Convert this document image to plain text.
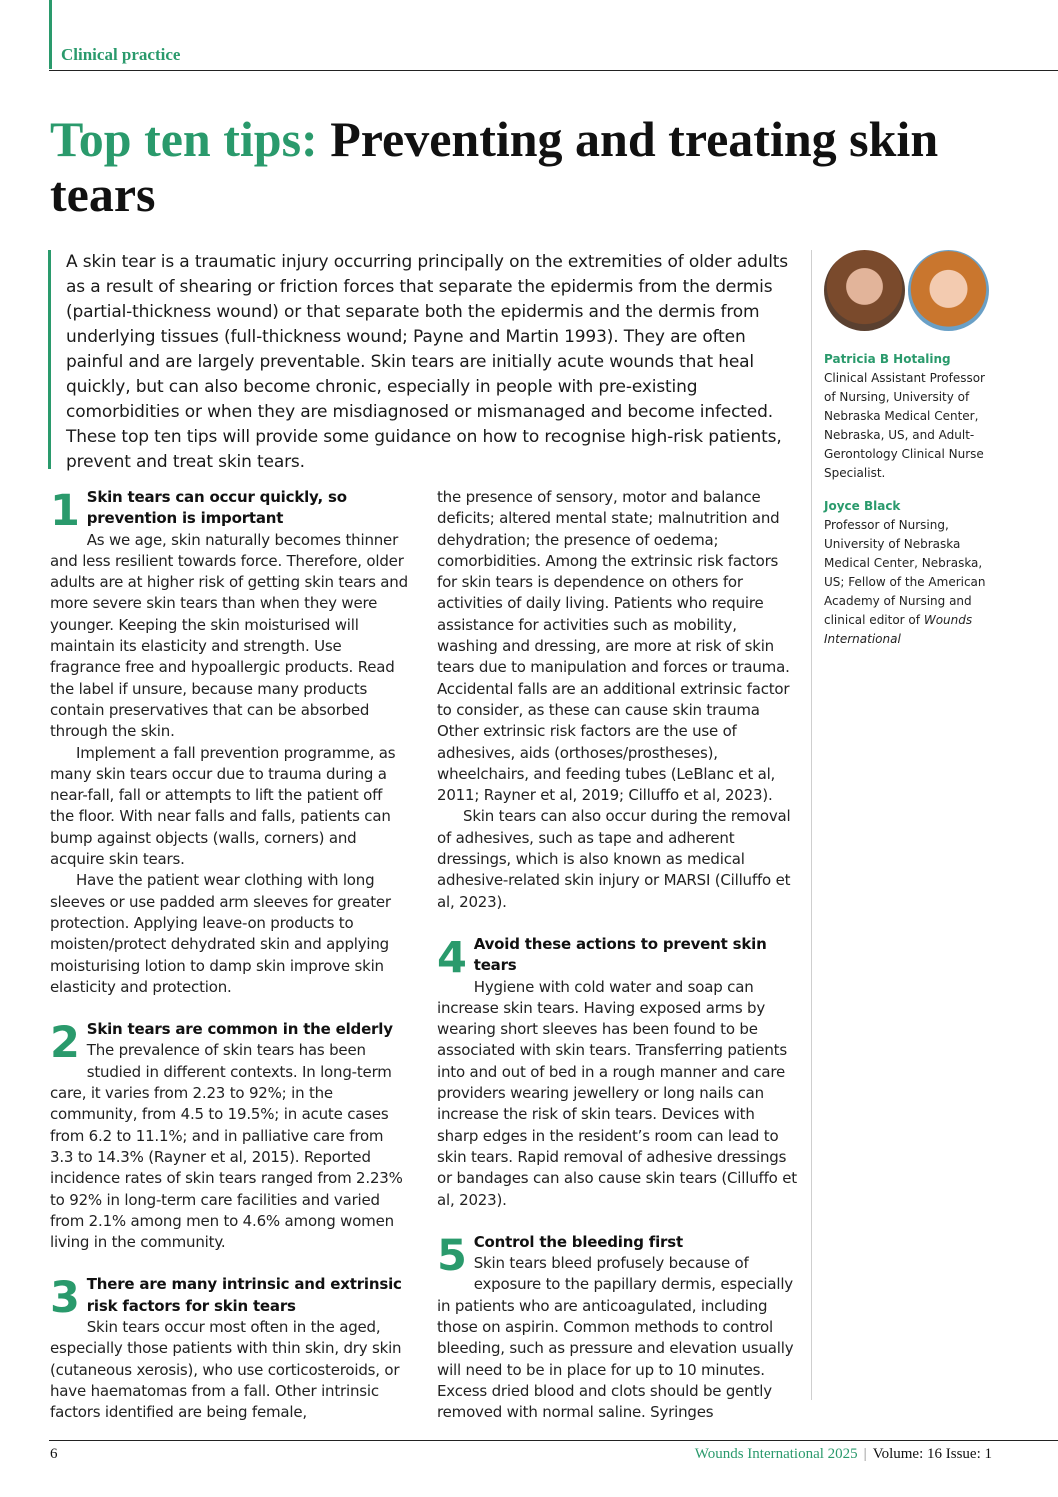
Clinical practice
Top ten tips: Preventing and treating skin tears

A skin tear is a traumatic injury occurring principally on the extremities of older adults as a result of shearing or friction forces that separate the epidermis from the dermis (partial-thickness wound) or that separate both the epidermis and the dermis from underlying tissues (full-thickness wound; Payne and Martin 1993). They are often painful and are largely preventable. Skin tears are initially acute wounds that heal quickly, but can also become chronic, especially in people with pre-existing comorbidities or when they are misdiagnosed or mismanaged and become infected. These top ten tips will provide some guidance on how to recognise high-risk patients, prevent and treat skin tears.

Patricia B Hotaling
Clinical Assistant Professor of Nursing, University of Nebraska Medical Center, Nebraska, US, and Adult-Gerontology Clinical Nurse Specialist.
Joyce Black
Professor of Nursing, University of Nebraska Medical Center, Nebraska, US; Fellow of the American Academy of Nursing and clinical editor of Wounds International
1 Skin tears can occur quickly, so prevention is important

As we age, skin naturally becomes thinner and less resilient towards force. Therefore, older adults are at higher risk of getting skin tears and more severe skin tears than when they were younger. Keeping the skin moisturised will maintain its elasticity and strength. Use fragrance free and hypoallergic products. Read the label if unsure, because many products contain preservatives that can be absorbed through the skin.

Implement a fall prevention programme, as many skin tears occur due to trauma during a near-fall, fall or attempts to lift the patient off the floor. With near falls and falls, patients can bump against objects (walls, corners) and acquire skin tears.

Have the patient wear clothing with long sleeves or use padded arm sleeves for greater protection. Applying leave-on products to moisten/protect dehydrated skin and applying moisturising lotion to damp skin improve skin elasticity and protection.

2 Skin tears are common in the elderly

The prevalence of skin tears has been studied in different contexts. In long-term care, it varies from 2.23 to 92%; in the community, from 4.5 to 19.5%; in acute cases from 6.2 to 11.1%; and in palliative care from 3.3 to 14.3% (Rayner et al, 2015). Reported incidence rates of skin tears ranged from 2.23% to 92% in long-term care facilities and varied from 2.1% among men to 4.6% among women living in the community.

3 There are many intrinsic and extrinsic risk factors for skin tears

Skin tears occur most often in the aged, especially those patients with thin skin, dry skin (cutaneous xerosis), who use corticosteroids, or have haematomas from a fall. Other intrinsic factors identified are being female,

the presence of sensory, motor and balance deficits; altered mental state; malnutrition and dehydration; the presence of oedema; comorbidities. Among the extrinsic risk factors for skin tears is dependence on others for activities of daily living. Patients who require assistance for activities such as mobility, washing and dressing, are more at risk of skin tears due to manipulation and forces or trauma. Accidental falls are an additional extrinsic factor to consider, as these can cause skin trauma Other extrinsic risk factors are the use of adhesives, aids (orthoses/prostheses), wheelchairs, and feeding tubes (LeBlanc et al, 2011; Rayner et al, 2019; Cilluffo et al, 2023).

Skin tears can also occur during the removal of adhesives, such as tape and adherent dressings, which is also known as medical adhesive-related skin injury or MARSI (Cilluffo et al, 2023).

4 Avoid these actions to prevent skin tears

Hygiene with cold water and soap can increase skin tears. Having exposed arms by wearing short sleeves has been found to be associated with skin tears. Transferring patients into and out of bed in a rough manner and care providers wearing jewellery or long nails can increase the risk of skin tears. Devices with sharp edges in the resident’s room can lead to skin tears. Rapid removal of adhesive dressings or bandages can also cause skin tears (Cilluffo et al, 2023).

5 Control the bleeding first

Skin tears bleed profusely because of exposure to the papillary dermis, especially in patients who are anticoagulated, including those on aspirin. Common methods to control bleeding, such as pressure and elevation usually will need to be in place for up to 10 minutes. Excess dried blood and clots should be gently removed with normal saline. Syringes

6	Wounds International 2025 | Volume: 16 Issue: 1
